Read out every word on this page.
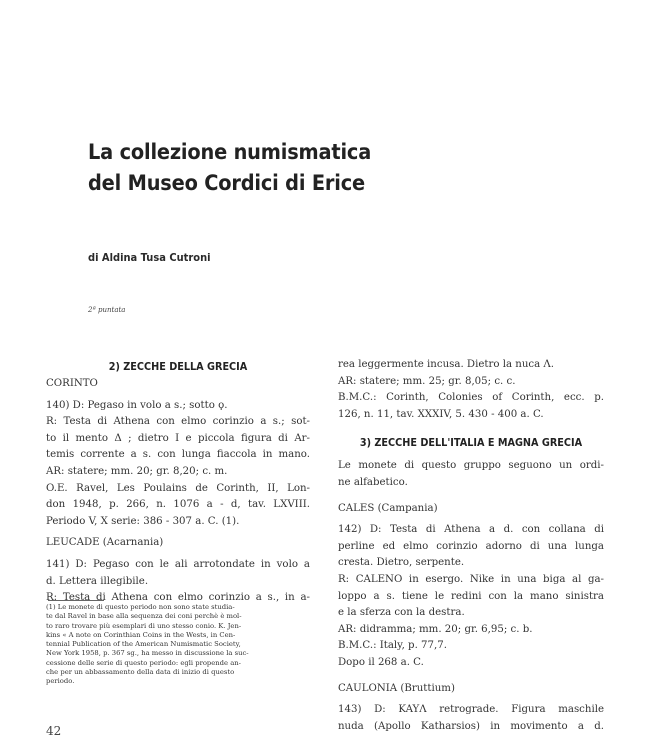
La collezione numismatica
del Museo Cordici di Erice
di Aldina Tusa Cutroni
2ª puntata
2) ZECCHE DELLA GRECIA
CORINTO
140) D: Pegaso in volo a s.; sotto ϙ.
R: Testa di Athena con elmo corinzio a s.; sot-
to il mento Δ ; dietro I e piccola figura di Ar-
temis corrente a s. con lunga fiaccola in mano.
AR: statere; mm. 20; gr. 8,20; c. m.
O.E. Ravel, Les Poulains de Corinth, II, Lon-
don 1948, p. 266, n. 1076 a - d, tav. LXVIII.
Periodo V, X serie: 386 - 307 a. C. (1).
LEUCADE (Acarnania)
141) D: Pegaso con le ali arrotondate in volo a
d. Lettera illegibile.
R: Testa di Athena con elmo corinzio a s., in a-
(1) Le monete di questo periodo non sono state studia-
te dal Ravel in base alla sequenza dei coni perchè è mol-
to raro trovare più esemplari di uno stesso conio. K. Jen-
kins « A note on Corinthian Coins in the Wests, in Cen-
tennial Publication of the American Numismatic Society,
New York 1958, p. 367 sg., ha messo in discussione la suc-
cessione delle serie di questo periodo: egli propende an-
che per un abbassamento della data di inizio di questo
periodo.
rea leggermente incusa. Dietro la nuca Λ.
AR: statere; mm. 25; gr. 8,05; c. c.
B.M.C.: Corinth, Colonies of Corinth, ecc. p.
126, n. 11, tav. XXXIV, 5. 430 - 400 a. C.
3) ZECCHE DELL'ITALIA E MAGNA GRECIA
Le monete di questo gruppo seguono un ordi-
ne alfabetico.
CALES (Campania)
142) D: Testa di Athena a d. con collana di
perline ed elmo corinzio adorno di una lunga
cresta. Dietro, serpente.
R: CALENO in esergo. Nike in una biga al ga-
loppo a s. tiene le redini con la mano sinistra
e la sferza con la destra.
AR: didramma; mm. 20; gr. 6,95; c. b.
B.M.C.: Italy, p. 77,7.
Dopo il 268 a. C.
CAULONIA (Bruttium)
143) D: KAYΛ retrograde. Figura maschile
nuda (Apollo Katharsios) in movimento a d.
42
